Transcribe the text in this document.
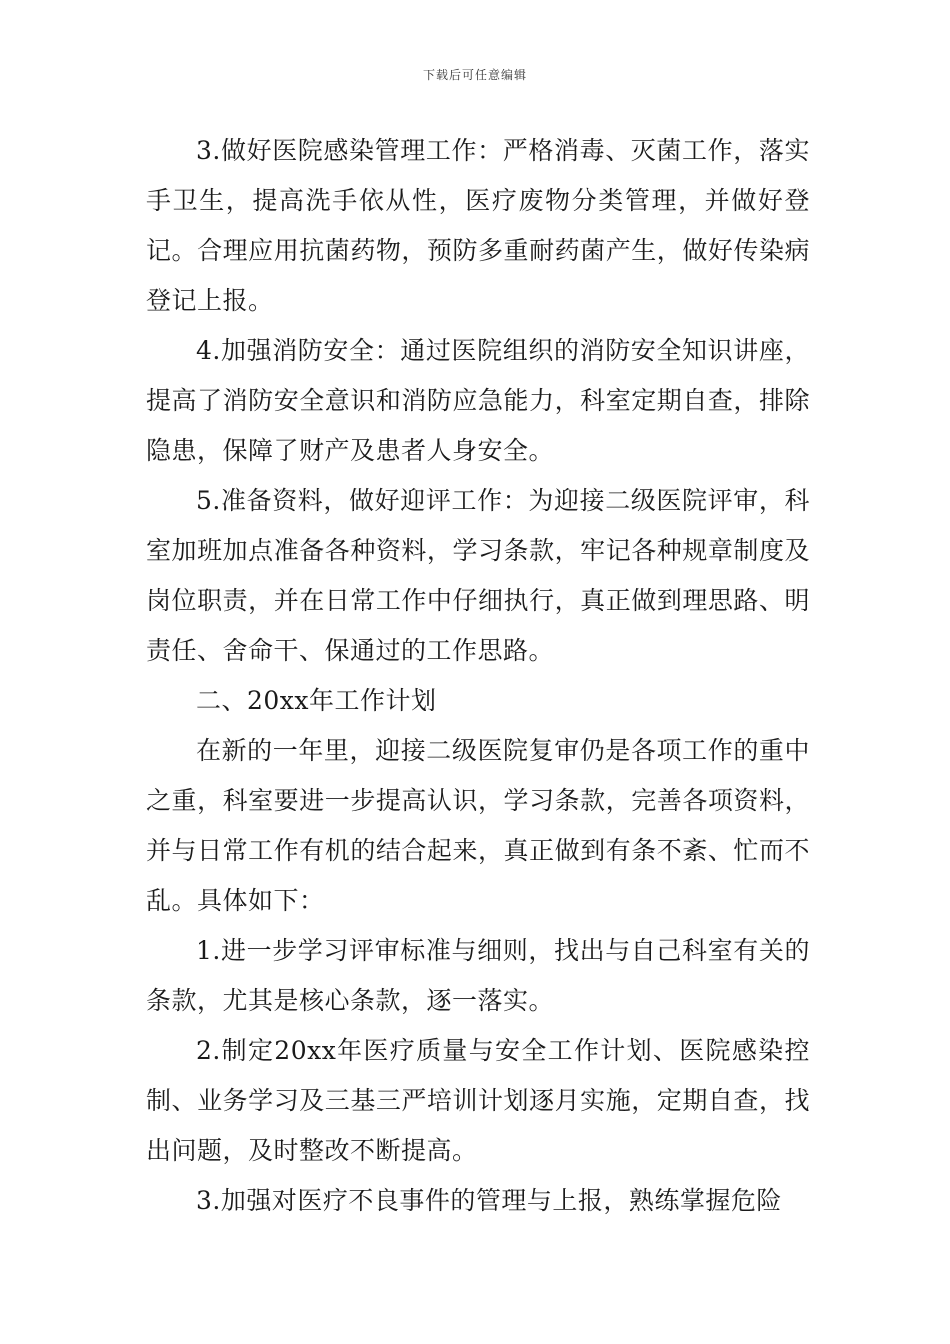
下载后可任意编辑

3.做好医院感染管理工作：严格消毒、灭菌工作，落实手卫生，提高洗手依从性，医疗废物分类管理，并做好登记。合理应用抗菌药物，预防多重耐药菌产生，做好传染病登记上报。

4.加强消防安全：通过医院组织的消防安全知识讲座，提高了消防安全意识和消防应急能力，科室定期自查，排除隐患，保障了财产及患者人身安全。

5.准备资料，做好迎评工作：为迎接二级医院评审，科室加班加点准备各种资料，学习条款，牢记各种规章制度及岗位职责，并在日常工作中仔细执行，真正做到理思路、明责任、舍命干、保通过的工作思路。

二、20xx年工作计划

在新的一年里，迎接二级医院复审仍是各项工作的重中之重，科室要进一步提高认识，学习条款，完善各项资料，并与日常工作有机的结合起来，真正做到有条不紊、忙而不乱。具体如下：

1.进一步学习评审标准与细则，找出与自己科室有关的条款，尤其是核心条款，逐一落实。

2.制定20xx年医疗质量与安全工作计划、医院感染控制、业务学习及三基三严培训计划逐月实施，定期自查，找出问题，及时整改不断提高。

3.加强对医疗不良事件的管理与上报，熟练掌握危险
